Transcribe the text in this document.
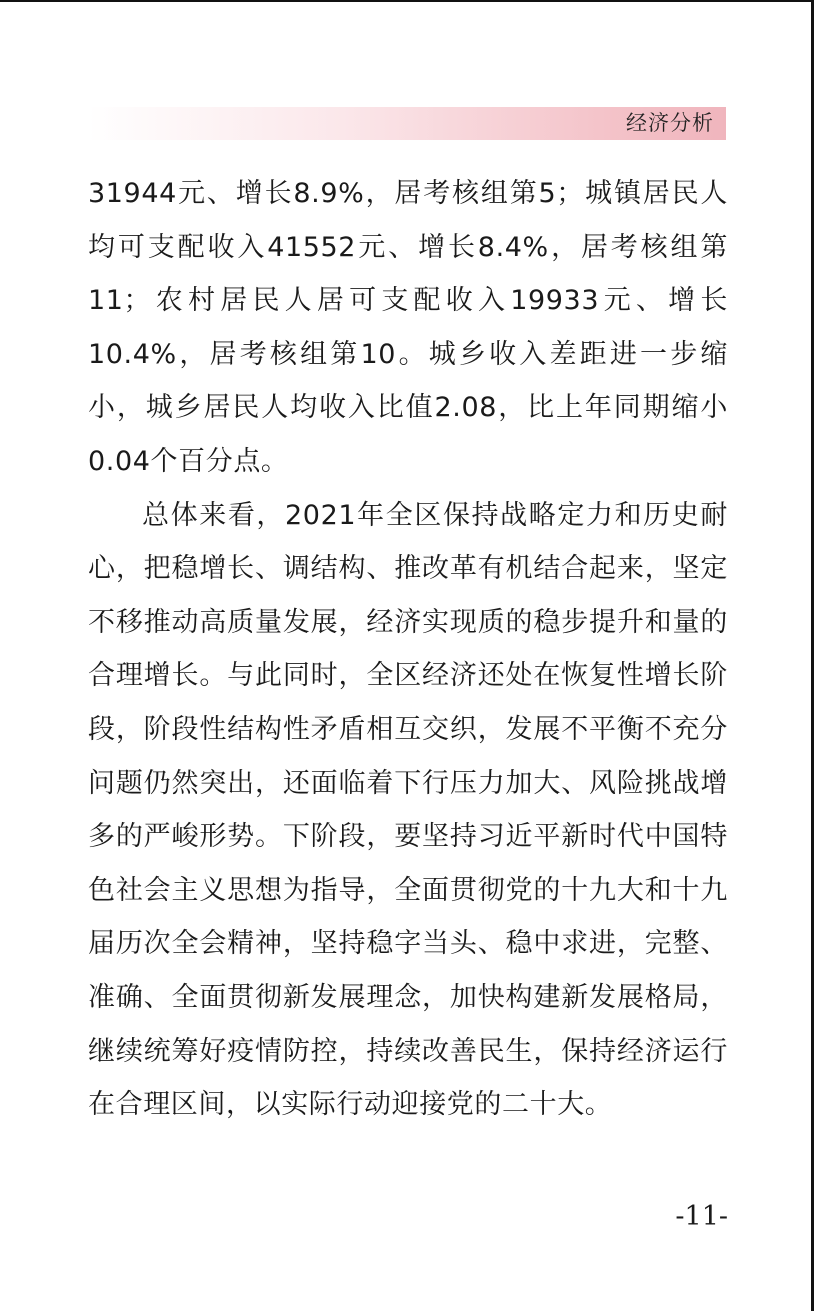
经济分析

31944元、增长8.9%，居考核组第5；城镇居民人均可支配收入41552元、增长8.4%，居考核组第11；农村居民人居可支配收入19933元、增长10.4%，居考核组第10。城乡收入差距进一步缩小，城乡居民人均收入比值2.08，比上年同期缩小0.04个百分点。

总体来看，2021年全区保持战略定力和历史耐心，把稳增长、调结构、推改革有机结合起来，坚定不移推动高质量发展，经济实现质的稳步提升和量的合理增长。与此同时，全区经济还处在恢复性增长阶段，阶段性结构性矛盾相互交织，发展不平衡不充分问题仍然突出，还面临着下行压力加大、风险挑战增多的严峻形势。下阶段，要坚持习近平新时代中国特色社会主义思想为指导，全面贯彻党的十九大和十九届历次全会精神，坚持稳字当头、稳中求进，完整、准确、全面贯彻新发展理念，加快构建新发展格局，继续统筹好疫情防控，持续改善民生，保持经济运行在合理区间，以实际行动迎接党的二十大。

-11-
